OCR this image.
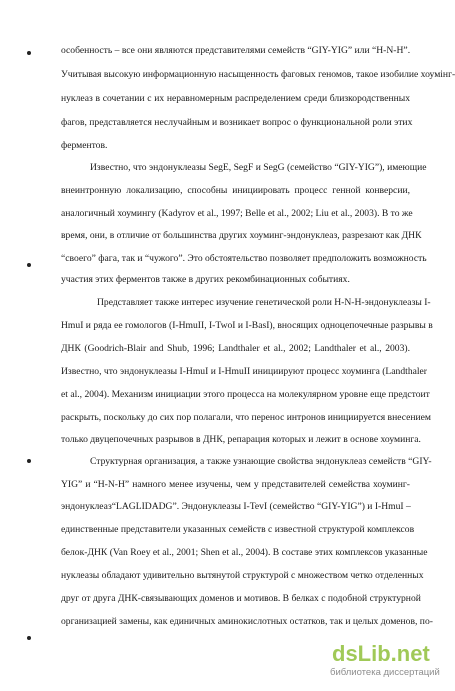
особенность – все они являются представителями семейств “GIY-YIG” или “H-N-H”.
Учитывая высокую информационную насыщенность фаговых геномов, такое изобилие хоумінг-
нуклеаз в сочетании с их неравномерным распределением среди близкородственных
фагов, представляется неслучайным и возникает вопрос о функциональной роли этих
ферментов.
Известно, что эндонуклеазы SegE, SegF и SegG (семейство “GIY-YIG”), имеющие
внеинтронную локализацию, способны инициировать процесс генной конверсии,
аналогичный хоумингу (Kadyrov et al., 1997; Belle et al., 2002; Liu et al., 2003). В то же
время, они, в отличие от большинства других хоуминг-эндонуклеаз, разрезают как ДНК
“своего” фага, так и “чужого”. Это обстоятельство позволяет предположить возможность
участия этих ферментов также в других рекомбинационных событиях.
Представляет также интерес изучение генетической роли H-N-H-эндонуклеазы I-
HmuI и ряда ее гомологов (I-HmuII, I-TwoI и I-BasI), вносящих одноцепочечные разрывы в
ДНК (Goodrich-Blair and Shub, 1996; Landthaler et al., 2002; Landthaler et al., 2003).
Известно, что эндонуклеазы I-HmuI и I-HmuII инициируют процесс хоуминга (Landthaler
et al., 2004). Механизм инициации этого процесса на молекулярном уровне еще предстоит
раскрыть, поскольку до сих пор полагали, что перенос интронов инициируется внесением
только двуцепочечных разрывов в ДНК, репарация которых и лежит в основе хоуминга.
Структурная организация, а также узнающие свойства эндонуклеаз семейств “GIY-
YIG” и “H-N-H” намного менее изучены, чем у представителей семейства хоуминг-
эндонуклеаз“LAGLIDADG”. Эндонуклеазы I-TevI (семейство “GIY-YIG”) и I-HmuI –
единственные представители указанных семейств с известной структурой комплексов
белок-ДНК (Van Roey et al., 2001; Shen et al., 2004). В составе этих комплексов указанные
нуклеазы обладают удивительно вытянутой структурой с множеством четко отделенных
друг от друга ДНК-связывающих доменов и мотивов. В белках с подобной структурной
организацией замены, как единичных аминокислотных остатков, так и целых доменов, по-
dsLib.net
библиотека диссертаций
